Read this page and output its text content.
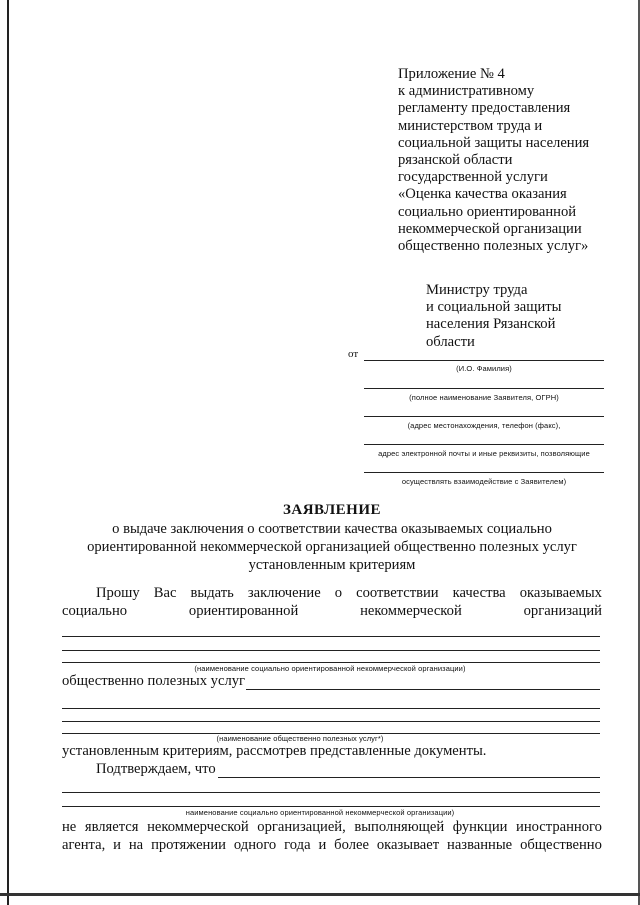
Приложение № 4
к административному
регламенту предоставления
министерством труда и
социальной защиты населения
рязанской области
государственной услуги
«Оценка качества оказания
социально ориентированной
некоммерческой организации
общественно полезных услуг»
Министру труда
и социальной защиты
населения Рязанской
области
от
(И.О. Фамилия)
(полное наименование Заявителя, ОГРН)
(адрес местонахождения, телефон (факс),
адрес электронной почты и иные реквизиты, позволяющие
осуществлять взаимодействие с Заявителем)
ЗАЯВЛЕНИЕ
о выдаче заключения о соответствии качества оказываемых социально
ориентированной некоммерческой организацией общественно полезных услуг
установленным критериям
Прошу Вас выдать заключение о соответствии качества оказываемых
социально	ориентированной	некоммерческой	организаций
(наименование социально ориентированной некоммерческой организации)
общественно полезных услуг
(наименование общественно полезных услуг*)
установленным критериям, рассмотрев представленные документы.
Подтверждаем, что
наименование социально ориентированной некоммерческой организации)
не является некоммерческой организацией, выполняющей функции иностранного
агента, и на протяжении одного года и более оказывает названные общественно
